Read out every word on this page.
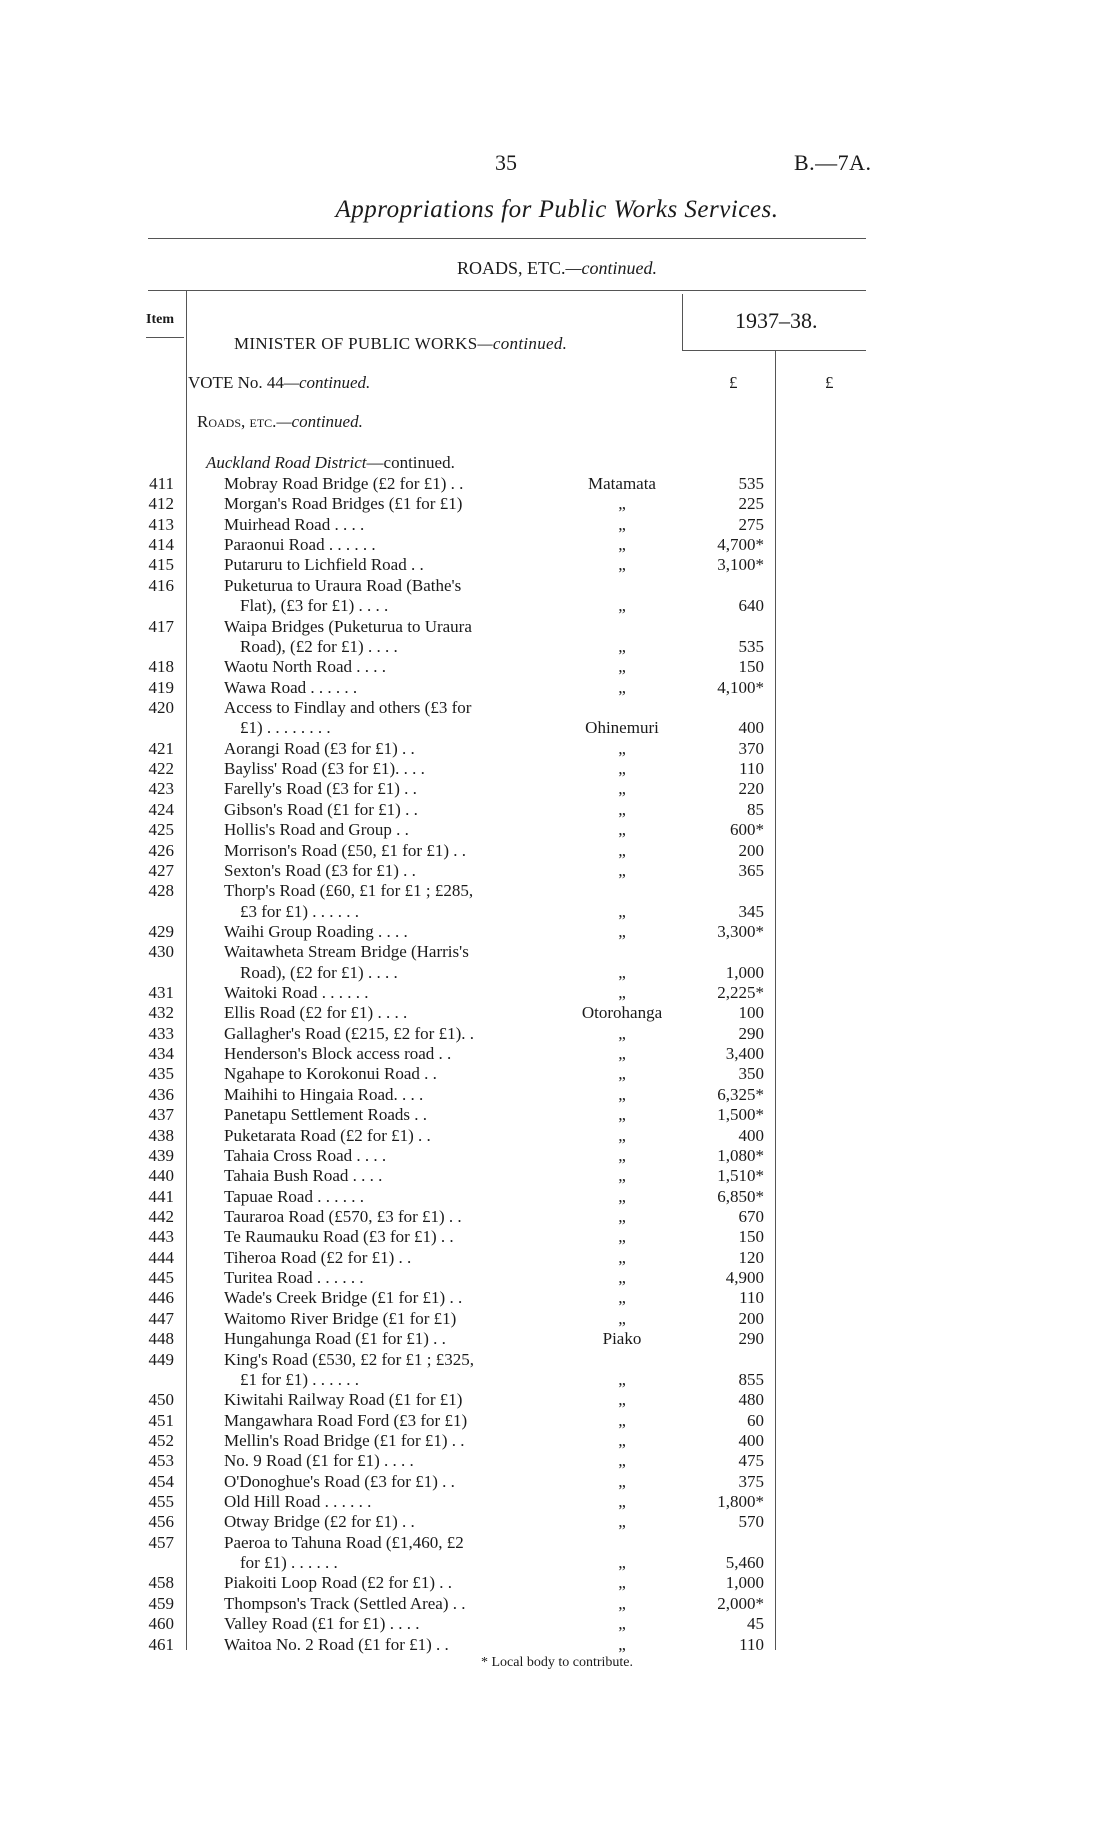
35	B.—7A.
Appropriations for Public Works Services.
ROADS, ETC.—continued.
Item	1937–38.
MINISTER OF PUBLIC WORKS—continued.
VOTE No. 44—continued.	£	£
Roads, etc.—continued.
Auckland Road District—continued.
411	Mobray Road Bridge (£2 for £1) . .	Matamata	535
412	Morgan's Road Bridges (£1 for £1)	„	225
413	Muirhead Road . . . .	„	275
414	Paraonui Road . . . . . .	„	4,700*
415	Putaruru to Lichfield Road . .	„	3,100*
416	Puketurua to Uraura Road (Bathe's
Flat), (£3 for £1) . . . .	„	640
417	Waipa Bridges (Puketurua to Uraura
Road), (£2 for £1) . . . .	„	535
418	Waotu North Road . . . .	„	150
419	Wawa Road . . . . . .	„	4,100*
420	Access to Findlay and others (£3 for
£1) . . . . . . . .	Ohinemuri	400
421	Aorangi Road (£3 for £1) . .	„	370
422	Bayliss' Road (£3 for £1). . . .	„	110
423	Farelly's Road (£3 for £1) . .	„	220
424	Gibson's Road (£1 for £1) . .	„	85
425	Hollis's Road and Group . .	„	600*
426	Morrison's Road (£50, £1 for £1) . .	„	200
427	Sexton's Road (£3 for £1) . .	„	365
428	Thorp's Road (£60, £1 for £1 ; £285,
£3 for £1) . . . . . .	„	345
429	Waihi Group Roading . . . .	„	3,300*
430	Waitawheta Stream Bridge (Harris's
Road), (£2 for £1) . . . .	„	1,000
431	Waitoki Road . . . . . .	„	2,225*
432	Ellis Road (£2 for £1) . . . .	Otorohanga	100
433	Gallagher's Road (£215, £2 for £1). .	„	290
434	Henderson's Block access road . .	„	3,400
435	Ngahape to Korokonui Road . .	„	350
436	Maihihi to Hingaia Road. . . .	„	6,325*
437	Panetapu Settlement Roads . .	„	1,500*
438	Puketarata Road (£2 for £1) . .	„	400
439	Tahaia Cross Road . . . .	„	1,080*
440	Tahaia Bush Road . . . .	„	1,510*
441	Tapuae Road . . . . . .	„	6,850*
442	Tauraroa Road (£570, £3 for £1) . .	„	670
443	Te Raumauku Road (£3 for £1) . .	„	150
444	Tiheroa Road (£2 for £1) . .	„	120
445	Turitea Road . . . . . .	„	4,900
446	Wade's Creek Bridge (£1 for £1) . .	„	110
447	Waitomo River Bridge (£1 for £1)	„	200
448	Hungahunga Road (£1 for £1) . .	Piako	290
449	King's Road (£530, £2 for £1 ; £325,
£1 for £1) . . . . . .	„	855
450	Kiwitahi Railway Road (£1 for £1)	„	480
451	Mangawhara Road Ford (£3 for £1)	„	60
452	Mellin's Road Bridge (£1 for £1) . .	„	400
453	No. 9 Road (£1 for £1) . . . .	„	475
454	O'Donoghue's Road (£3 for £1) . .	„	375
455	Old Hill Road . . . . . .	„	1,800*
456	Otway Bridge (£2 for £1) . .	„	570
457	Paeroa to Tahuna Road (£1,460, £2
for £1) . . . . . .	„	5,460
458	Piakoiti Loop Road (£2 for £1) . .	„	1,000
459	Thompson's Track (Settled Area) . .	„	2,000*
460	Valley Road (£1 for £1) . . . .	„	45
461	Waitoa No. 2 Road (£1 for £1) . .	„	110
* Local body to contribute.
